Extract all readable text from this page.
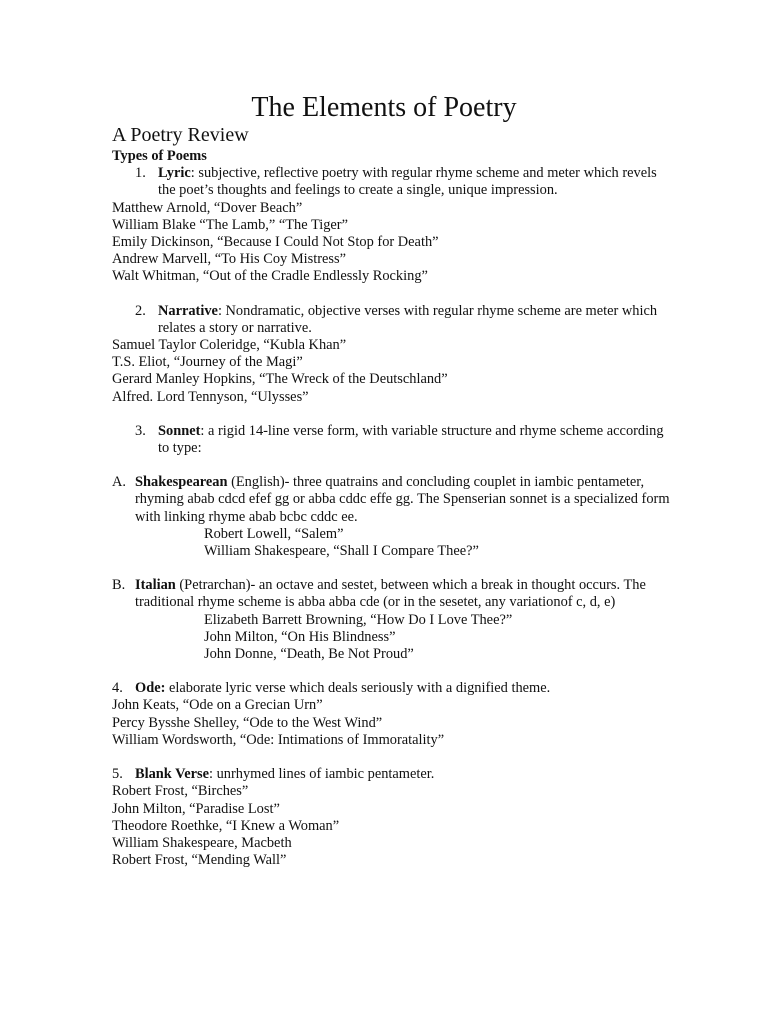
The Elements of Poetry
A Poetry Review

Types of Poems

1. Lyric: subjective, reflective poetry with regular rhyme scheme and meter which revels the poet’s thoughts and feelings to create a single, unique impression.

Matthew Arnold, “Dover Beach”

William Blake “The Lamb,” “The Tiger”

Emily Dickinson, “Because I Could Not Stop for Death”

Andrew Marvell, “To His Coy Mistress”

Walt Whitman, “Out of the Cradle Endlessly Rocking”

2. Narrative: Nondramatic, objective verses with regular rhyme scheme are meter which relates a story or narrative.

Samuel Taylor Coleridge, “Kubla Khan”

T.S. Eliot, “Journey of the Magi”

Gerard Manley Hopkins, “The Wreck of the Deutschland”

Alfred. Lord Tennyson, “Ulysses”

3. Sonnet: a rigid 14-line verse form, with variable structure and rhyme scheme according to type:
A. Shakespearean (English)- three quatrains and concluding couplet in iambic pentameter, rhyming abab cdcd efef gg or abba cddc effe gg. The Spenserian sonnet is a specialized form with linking rhyme abab bcbc cddc ee.

Robert Lowell, “Salem”

William Shakespeare, “Shall I Compare Thee?”

B. Italian (Petrarchan)- an octave and sestet, between which a break in thought occurs. The traditional rhyme scheme is abba abba cde (or in the sesetet, any variationof c, d, e)

Elizabeth Barrett Browning, “How Do I Love Thee?”

John Milton, “On His Blindness”

John Donne, “Death, Be Not Proud”

4. Ode: elaborate lyric verse which deals seriously with a dignified theme.

John Keats, “Ode on a Grecian Urn”

Percy Bysshe Shelley, “Ode to the West Wind”

William Wordsworth, “Ode: Intimations of Immoratality”

5. Blank Verse: unrhymed lines of iambic pentameter.

Robert Frost, “Birches”

John Milton, “Paradise Lost”

Theodore Roethke, “I Knew a Woman”

William Shakespeare, Macbeth

Robert Frost, “Mending Wall”
